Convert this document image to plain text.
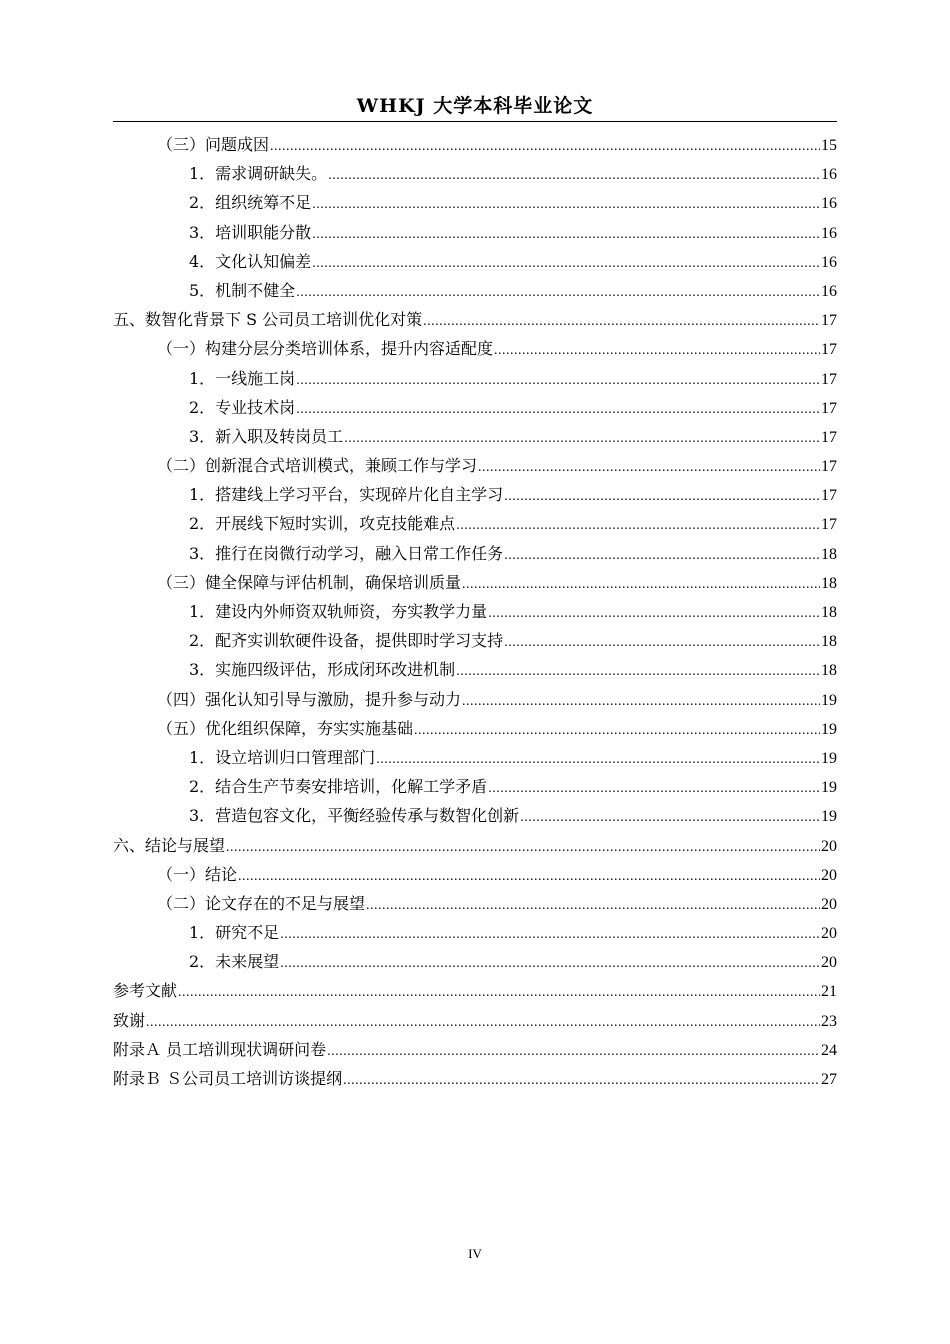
WHKJ 大学本科毕业论文
（三）问题成因 .....	15
1．需求调研缺失。 .....	16
2．组织统筹不足 .....	16
3．培训职能分散 .....	16
4．文化认知偏差 .....	16
5．机制不健全 .....	16
五、数智化背景下 S 公司员工培训优化对策 .....	17
（一）构建分层分类培训体系，提升内容适配度 .....	17
1．一线施工岗 .....	17
2．专业技术岗 .....	17
3．新入职及转岗员工 .....	17
（二）创新混合式培训模式，兼顾工作与学习 .....	17
1．搭建线上学习平台，实现碎片化自主学习 .....	17
2．开展线下短时实训，攻克技能难点 .....	17
3．推行在岗微行动学习，融入日常工作任务 .....	18
（三）健全保障与评估机制，确保培训质量 .....	18
1．建设内外师资双轨师资，夯实教学力量 .....	18
2．配齐实训软硬件设备，提供即时学习支持 .....	18
3．实施四级评估，形成闭环改进机制 .....	18
（四）强化认知引导与激励，提升参与动力 .....	19
（五）优化组织保障，夯实实施基础 .....	19
1．设立培训归口管理部门 .....	19
2．结合生产节奏安排培训，化解工学矛盾 .....	19
3．营造包容文化，平衡经验传承与数智化创新 .....	19
六、结论与展望 .....	20
（一）结论 .....	20
（二）论文存在的不足与展望 .....	20
1．研究不足 .....	20
2．未来展望 .....	20
参考文献 .....	21
致谢 .....	23
附录Ａ 员工培训现状调研问卷 .....	24
附录Ｂ Ｓ公司员工培训访谈提纲 .....	27
IV
